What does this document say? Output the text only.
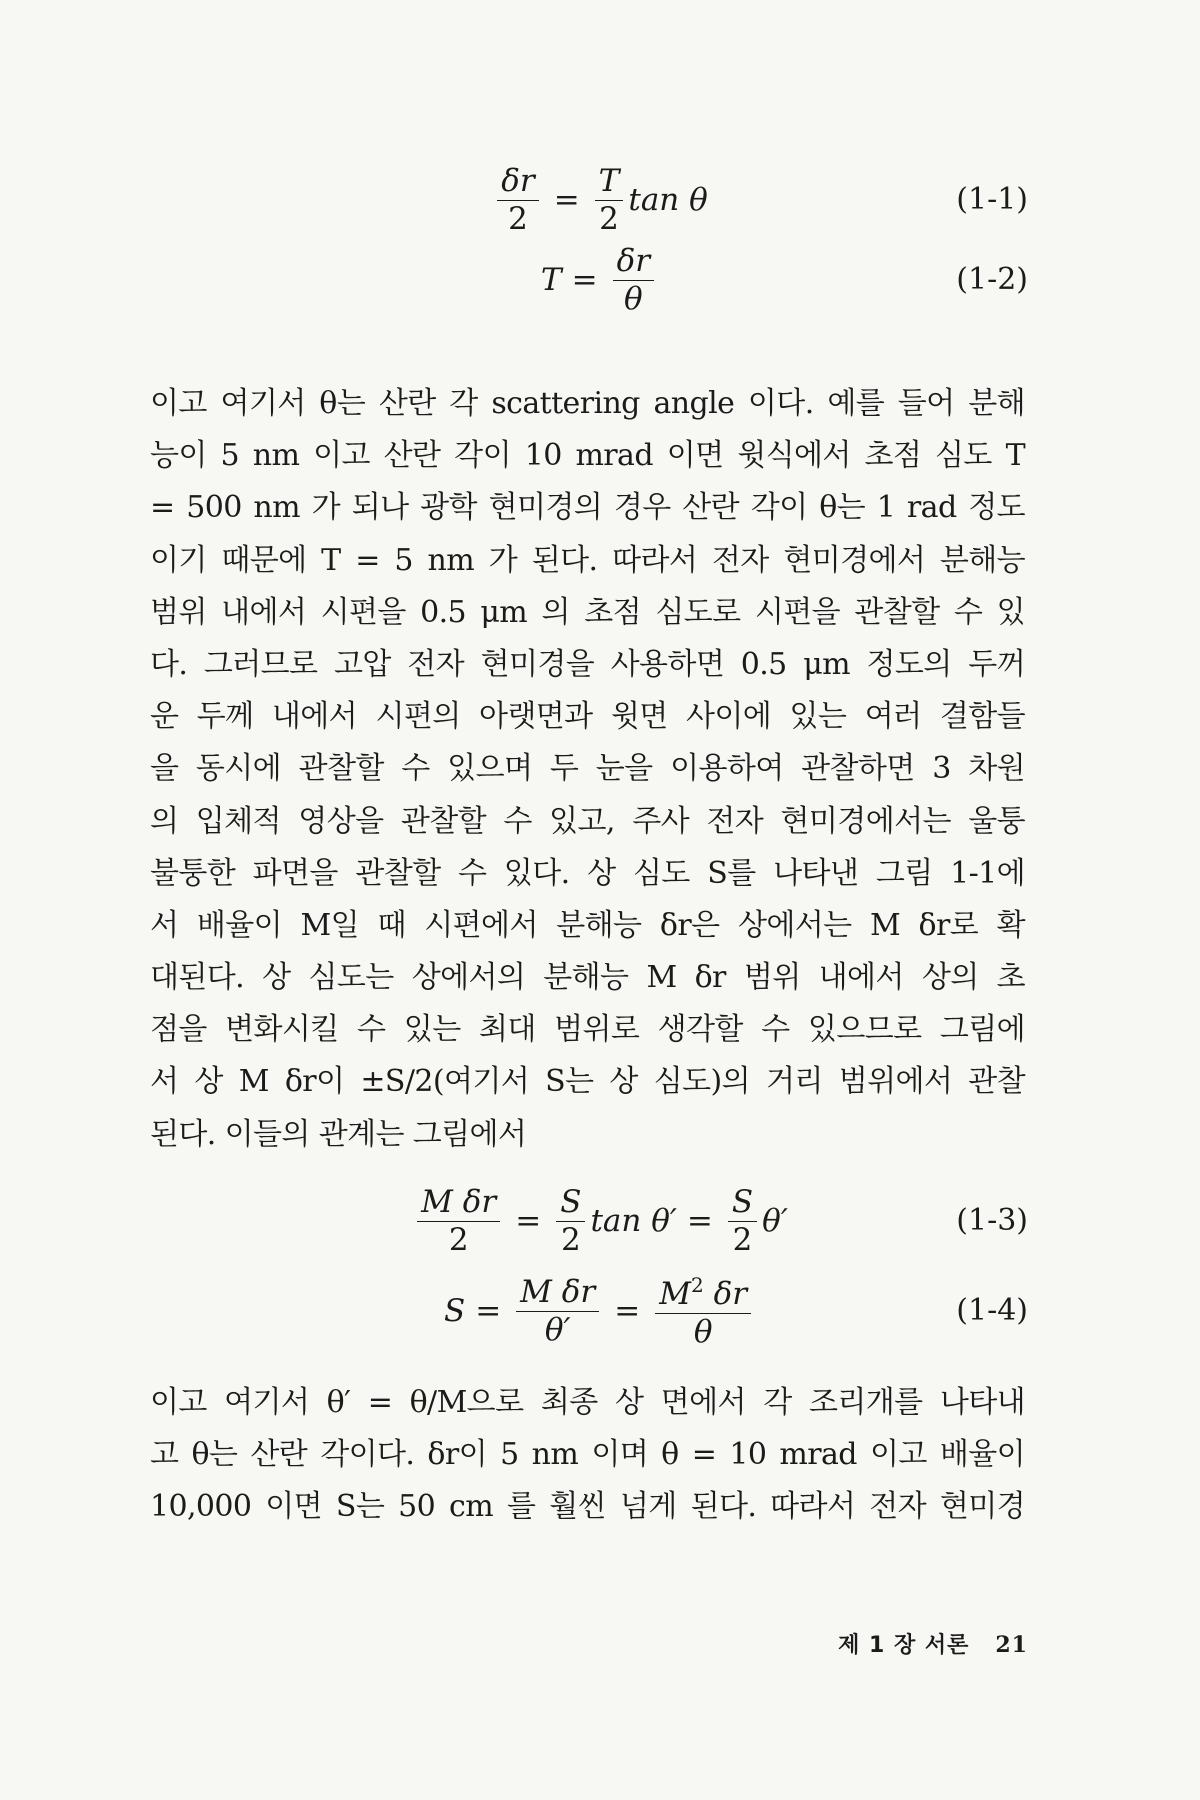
$\frac{\delta r}{2} = \frac{T}{2}$ tan θ	(1-1)
$T = \frac{\delta r}{\theta}$	(1-2)
이고 여기서 θ는 산란 각 scattering angle 이다. 예를 들어 분해
능이 5 nm 이고 산란 각이 10 mrad 이면 윗식에서 초점 심도 T
= 500 nm 가 되나 광학 현미경의 경우 산란 각이 θ는 1 rad 정도
이기 때문에 T = 5 nm 가 된다. 따라서 전자 현미경에서 분해능
범위 내에서 시편을 0.5 μm 의 초점 심도로 시편을 관찰할 수 있
다. 그러므로 고압 전자 현미경을 사용하면 0.5 μm 정도의 두꺼
운 두께 내에서 시편의 아랫면과 윗면 사이에 있는 여러 결함들
을 동시에 관찰할 수 있으며 두 눈을 이용하여 관찰하면 3 차원
의 입체적 영상을 관찰할 수 있고, 주사 전자 현미경에서는 울퉁
불퉁한 파면을 관찰할 수 있다. 상 심도 S를 나타낸 그림 1-1에
서 배율이 M일 때 시편에서 분해능 δr은 상에서는 M δr로 확
대된다. 상 심도는 상에서의 분해능 M δr 범위 내에서 상의 초
점을 변화시킬 수 있는 최대 범위로 생각할 수 있으므로 그림에
서 상 M δr이 ±S/2(여기서 S는 상 심도)의 거리 범위에서 관찰
된다. 이들의 관계는 그림에서
$\frac{\text{M δr}}{2} = \frac{S}{2}$ $\tan \theta' = \frac{S}{2} \theta'$	(1-3)
$S = \frac{\text{M δr}}{\theta'} = \frac{M^2 \delta r}{\theta}$	(1-4)
이고 여기서 θ′ = θ/M으로 최종 상 면에서 각 조리개를 나타내
고 θ는 산란 각이다. δr이 5 nm 이며 θ = 10 mrad 이고 배율이
10,000 이면 S는 50 cm 를 훨씬 넘게 된다. 따라서 전자 현미경
제 1 장 서론 21
